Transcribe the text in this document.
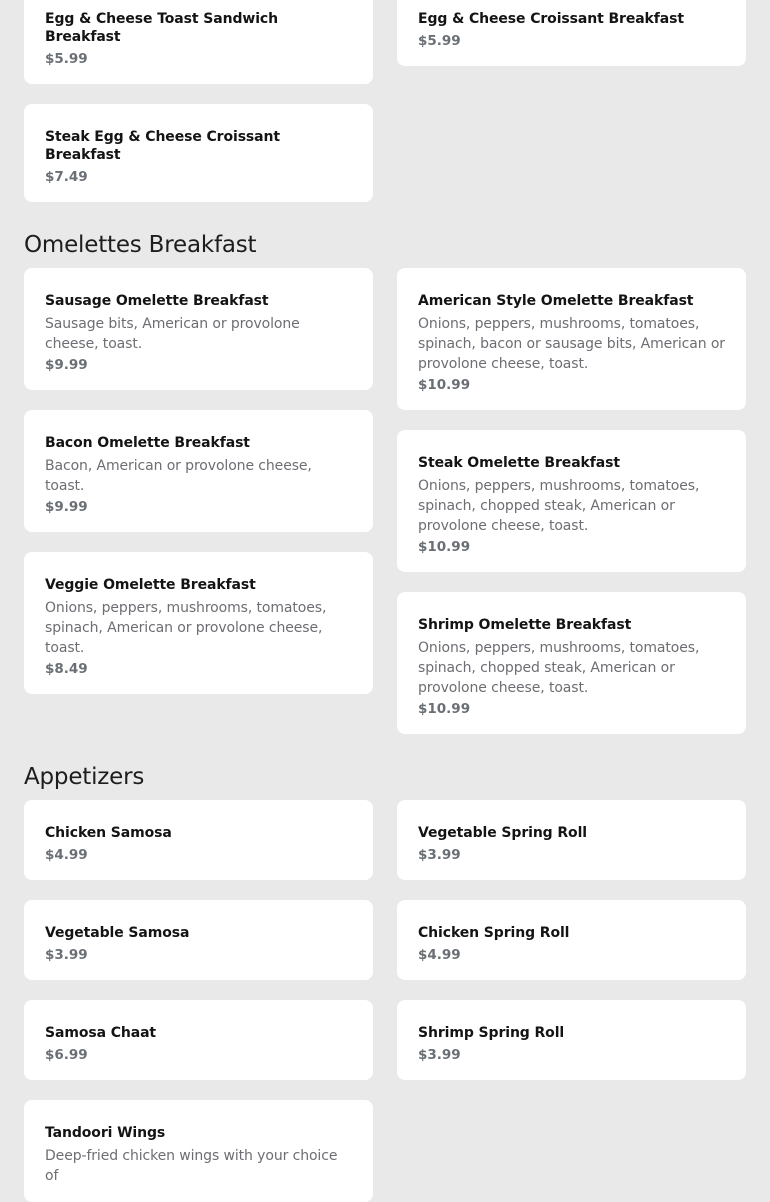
Egg & Cheese Toast Sandwich Breakfast
$5.99
Steak Egg & Cheese Croissant Breakfast
$7.49
Egg & Cheese Croissant Breakfast
$5.99
Omelettes Breakfast
Sausage Omelette Breakfast
Sausage bits, American or provolone cheese, toast.
$9.99
Bacon Omelette Breakfast
Bacon, American or provolone cheese, toast.
$9.99
Veggie Omelette Breakfast
Onions, peppers, mushrooms, tomatoes, spinach, American or provolone cheese, toast.
$8.49
American Style Omelette Breakfast
Onions, peppers, mushrooms, tomatoes, spinach, bacon or sausage bits, American or provolone cheese, toast.
$10.99
Steak Omelette Breakfast
Onions, peppers, mushrooms, tomatoes, spinach, chopped steak, American or provolone cheese, toast.
$10.99
Shrimp Omelette Breakfast
Onions, peppers, mushrooms, tomatoes, spinach, chopped steak, American or provolone cheese, toast.
$10.99
Appetizers
Chicken Samosa
$4.99
Vegetable Samosa
$3.99
Samosa Chaat
$6.99
Tandoori Wings
Deep-fried chicken wings with your choice of
Vegetable Spring Roll
$3.99
Chicken Spring Roll
$4.99
Shrimp Spring Roll
$3.99
